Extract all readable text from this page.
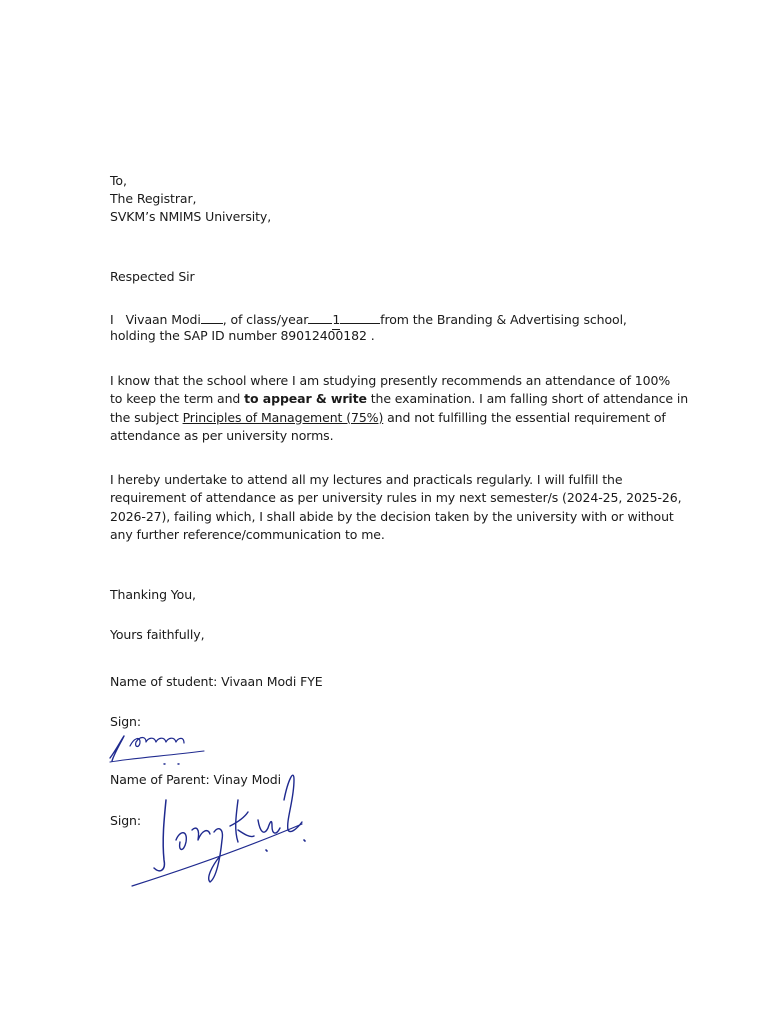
To,
The Registrar,
SVKM’s NMIMS University,
Respected Sir
I Vivaan Modi , of class/year 1	from the Branding & Advertising school,
holding the SAP ID number 89012400182 .
I know that the school where I am studying presently recommends an attendance of 100%
to keep the term and to appear & write the examination. I am falling short of attendance in
the subject Principles of Management (75%) and not fulfilling the essential requirement of
attendance as per university norms.
I hereby undertake to attend all my lectures and practicals regularly. I will fulfill the
requirement of attendance as per university rules in my next semester/s (2024-25, 2025-26,
2026-27), failing which, I shall abide by the decision taken by the university with or without
any further reference/communication to me.
Thanking You,
Yours faithfully,
Name of student: Vivaan Modi FYE
Sign:
Name of Parent: Vinay Modi
Sign:
